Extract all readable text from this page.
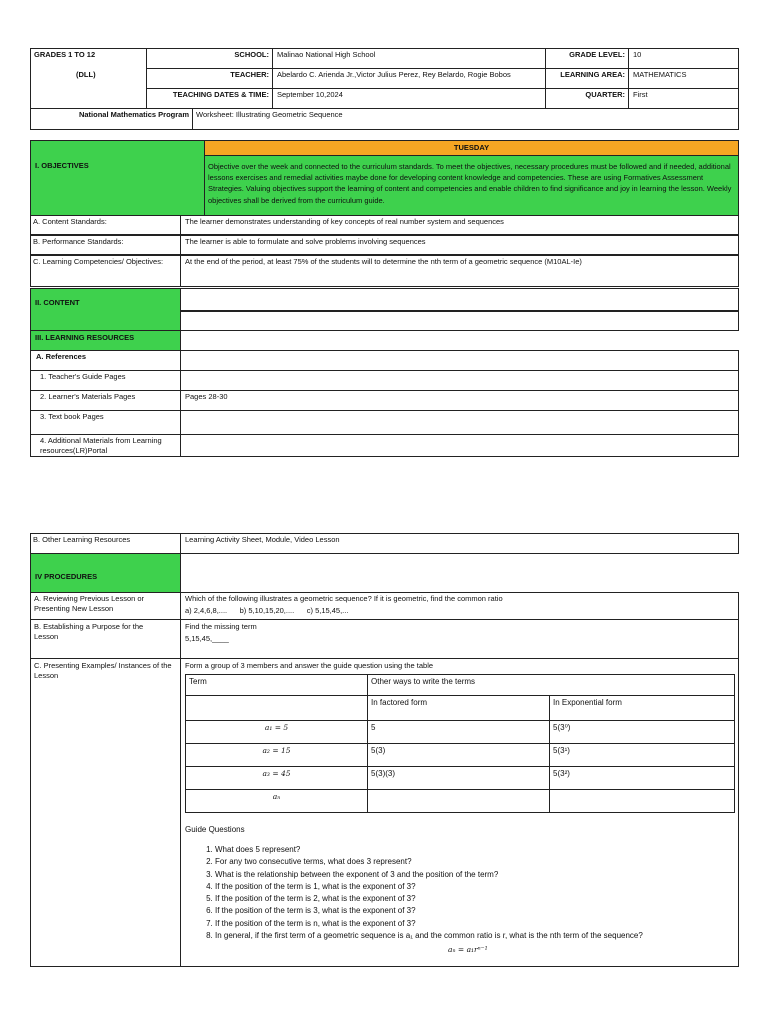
GRADES 1 TO 12
(DLL)
SCHOOL: Malinao National High School	GRADE LEVEL: 10
TEACHER: Abelardo C. Arienda Jr.,Victor Julius Perez, Rey Belardo, Rogie Bobos	LEARNING AREA: MATHEMATICS
TEACHING DATES & TIME: September 10,2024	QUARTER: First
National Mathematics Program Worksheet: Illustrating Geometric Sequence
TUESDAY
I. OBJECTIVES	Objective over the week and connected to the curriculum standards. To meet the objectives, necessary procedures must be followed and if needed, additional lessons exercises and remedial activities maybe done for developing content knowledge and competencies. These are using Formatives Assessment Strategies. Valuing objectives support the learning of content and competencies and enable children to find significance and joy in learning the lesson. Weekly objectives shall be derived from the curriculum guide.
A. Content Standards:	The learner demonstrates understanding of key concepts of real number system and sequences
B. Performance Standards:	The learner is able to formulate and solve problems involving sequences
C. Learning Competencies/ Objectives:	At the end of the period, at least 75% of the students will to determine the nth term of a geometric sequence (M10AL-Ie)
II. CONTENT
III. LEARNING RESOURCES
A. References
1. Teacher's Guide Pages
2. Learner's Materials Pages	Pages 28-30
3. Text book Pages
4. Additional Materials from Learning resources(LR)Portal
B. Other Learning Resources	Learning Activity Sheet, Module, Video Lesson
IV PROCEDURES
A. Reviewing Previous Lesson or Presenting New Lesson
Which of the following illustrates a geometric sequence? If it is geometric, find the common ratio
a) 2,4,6,8,....      b) 5,10,15,20,....      c) 5,15,45,...
B. Establishing a Purpose for the Lesson
Find the missing term
5,15,45,____
C. Presenting Examples/ Instances of the Lesson
Form a group of 3 members and answer the guide question using the table
Term	Other ways to write the terms	
	In factored form	In Exponential form
a₁ = 5	5	5(3⁰)
a₂ = 15	5(3)	5(3¹)
a₃ = 45	5(3)(3)	5(3²)
aₙ		
Guide Questions
1. What does 5 represent?
2. For any two consecutive terms, what does 3 represent?
3. What is the relationship between the exponent of 3 and the position of the term?
4. If the position of the term is 1, what is the exponent of 3?
5. If the position of the term is 2, what is the exponent of 3?
6. If the position of the term is 3, what is the exponent of 3?
7. If the position of the term is n, what is the exponent of 3?
8. In general, if the first term of a geometric sequence is a₁ and the common ratio is r, what is the nth term of the sequence?
aₙ = a₁rⁿ⁻¹
